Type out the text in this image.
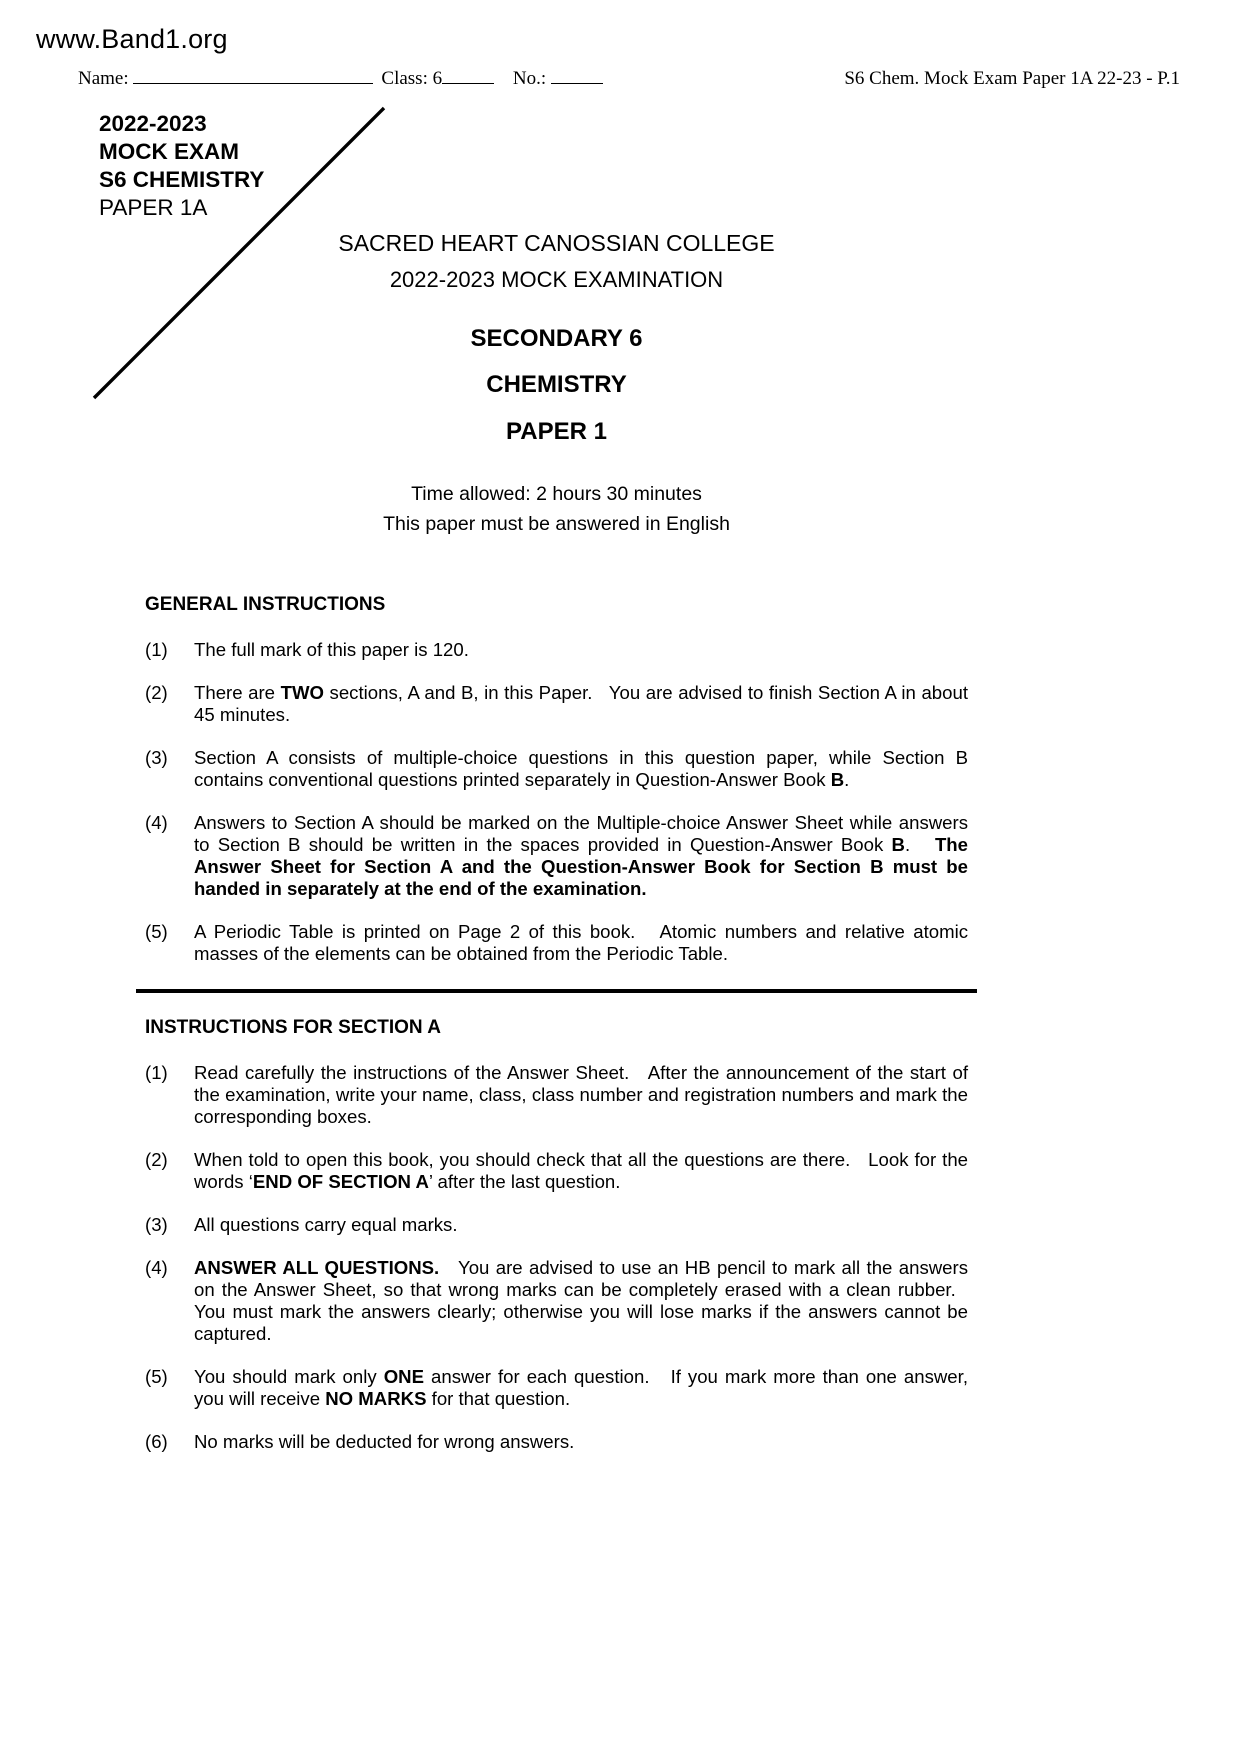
www.Band1.org
Name:	Class: 6	No.:	S6 Chem. Mock Exam Paper 1A 22-23 - P.1
2022-2023
MOCK EXAM
S6 CHEMISTRY
PAPER 1A
SACRED HEART CANOSSIAN COLLEGE
2022-2023 MOCK EXAMINATION
SECONDARY 6
CHEMISTRY
PAPER 1
Time allowed: 2 hours 30 minutes
This paper must be answered in English
GENERAL INSTRUCTIONS
(1)	The full mark of this paper is 120.
(2)	There are TWO sections, A and B, in this Paper.   You are advised to finish Section A in about 45 minutes.
(3)	Section A consists of multiple-choice questions in this question paper, while Section B contains conventional questions printed separately in Question-Answer Book B.
(4)	Answers to Section A should be marked on the Multiple-choice Answer Sheet while answers to Section B should be written in the spaces provided in Question-Answer Book B.   The Answer Sheet for Section A and the Question-Answer Book for Section B must be handed in separately at the end of the examination.
(5)	A Periodic Table is printed on Page 2 of this book.   Atomic numbers and relative atomic masses of the elements can be obtained from the Periodic Table.
INSTRUCTIONS FOR SECTION A
(1)	Read carefully the instructions of the Answer Sheet.   After the announcement of the start of the examination, write your name, class, class number and registration numbers and mark the corresponding boxes.
(2)	When told to open this book, you should check that all the questions are there.   Look for the words ‘END OF SECTION A’ after the last question.
(3)	All questions carry equal marks.
(4)	ANSWER ALL QUESTIONS.   You are advised to use an HB pencil to mark all the answers on the Answer Sheet, so that wrong marks can be completely erased with a clean rubber.   You must mark the answers clearly; otherwise you will lose marks if the answers cannot be captured.
(5)	You should mark only ONE answer for each question.   If you mark more than one answer, you will receive NO MARKS for that question.
(6)	No marks will be deducted for wrong answers.
